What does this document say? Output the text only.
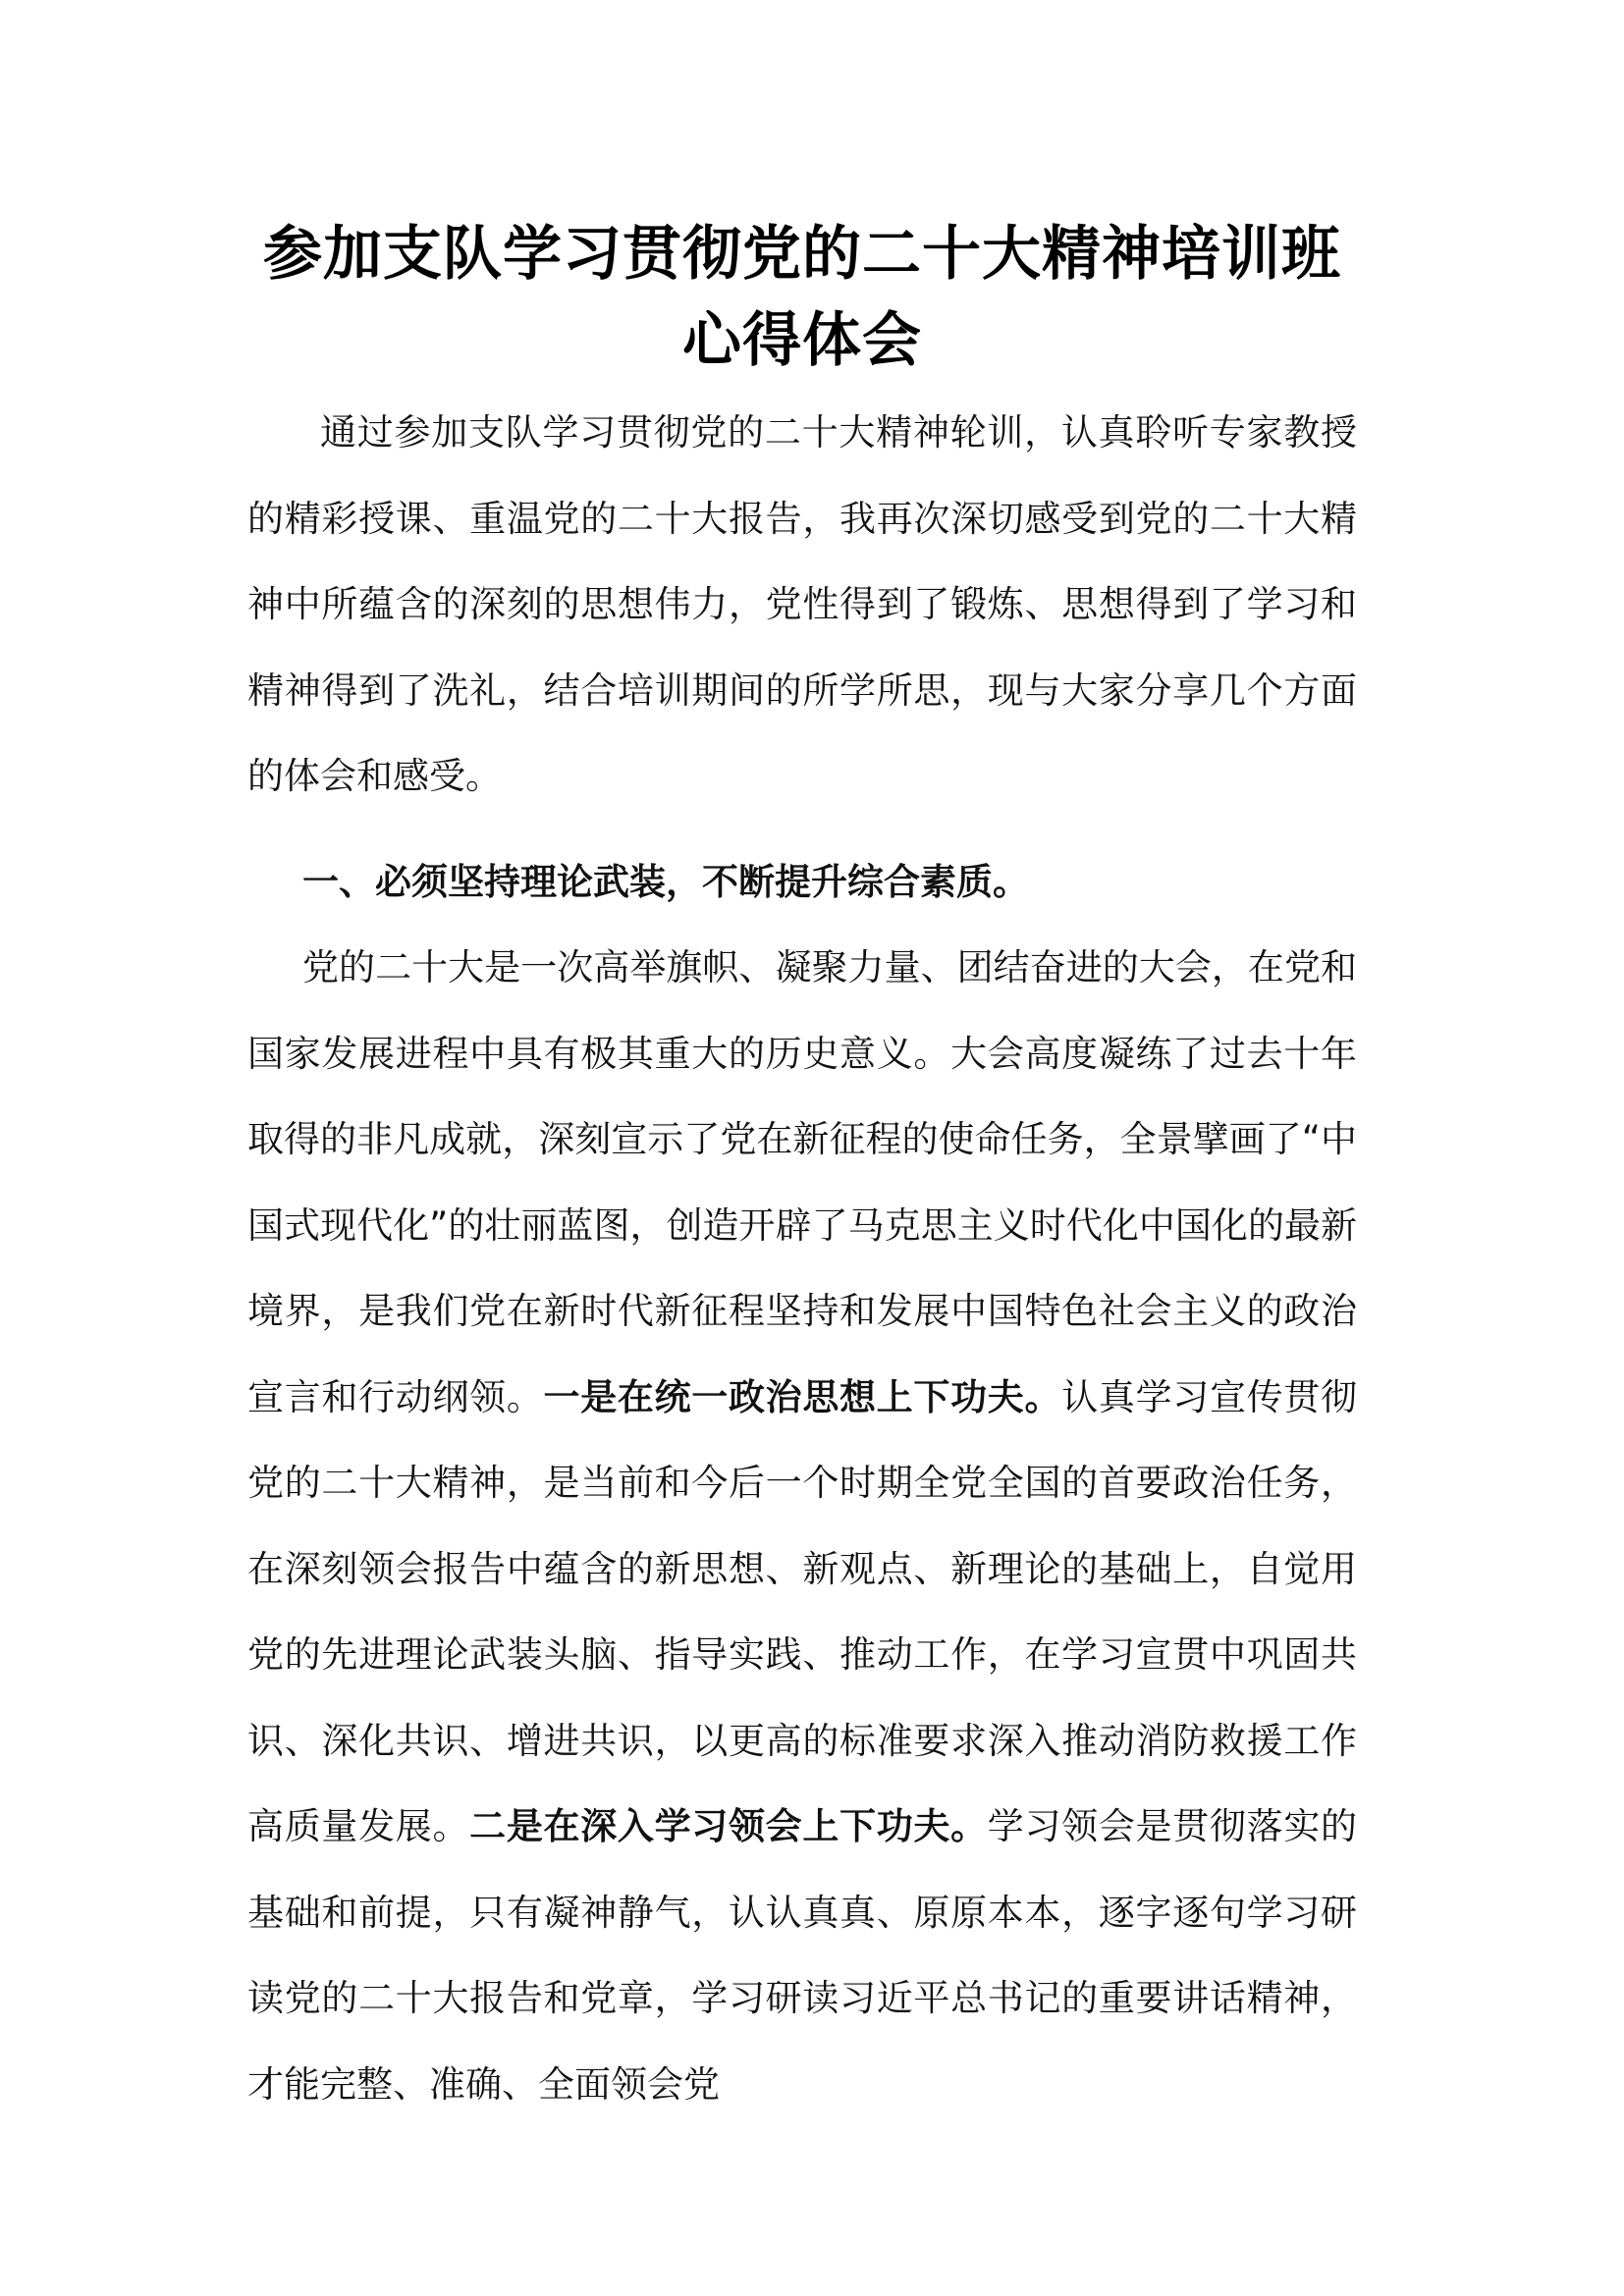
参加支队学习贯彻党的二十大精神培训班心得体会

通过参加支队学习贯彻党的二十大精神轮训，认真聆听专家教授的精彩授课、重温党的二十大报告，我再次深切感受到党的二十大精神中所蕴含的深刻的思想伟力，党性得到了锻炼、思想得到了学习和精神得到了洗礼，结合培训期间的所学所思，现与大家分享几个方面的体会和感受。

一、必须坚持理论武装，不断提升综合素质。

党的二十大是一次高举旗帜、凝聚力量、团结奋进的大会，在党和国家发展进程中具有极其重大的历史意义。大会高度凝练了过去十年取得的非凡成就，深刻宣示了党在新征程的使命任务，全景擘画了“中国式现代化”的壮丽蓝图，创造开辟了马克思主义时代化中国化的最新境界，是我们党在新时代新征程坚持和发展中国特色社会主义的政治宣言和行动纲领。一是在统一政治思想上下功夫。认真学习宣传贯彻党的二十大精神，是当前和今后一个时期全党全国的首要政治任务，在深刻领会报告中蕴含的新思想、新观点、新理论的基础上，自觉用党的先进理论武装头脑、指导实践、推动工作，在学习宣贯中巩固共识、深化共识、增进共识，以更高的标准要求深入推动消防救援工作高质量发展。二是在深入学习领会上下功夫。学习领会是贯彻落实的基础和前提，只有凝神静气，认认真真、原原本本，逐字逐句学习研读党的二十大报告和党章，学习研读习近平总书记的重要讲话精神，才能完整、准确、全面领会党
